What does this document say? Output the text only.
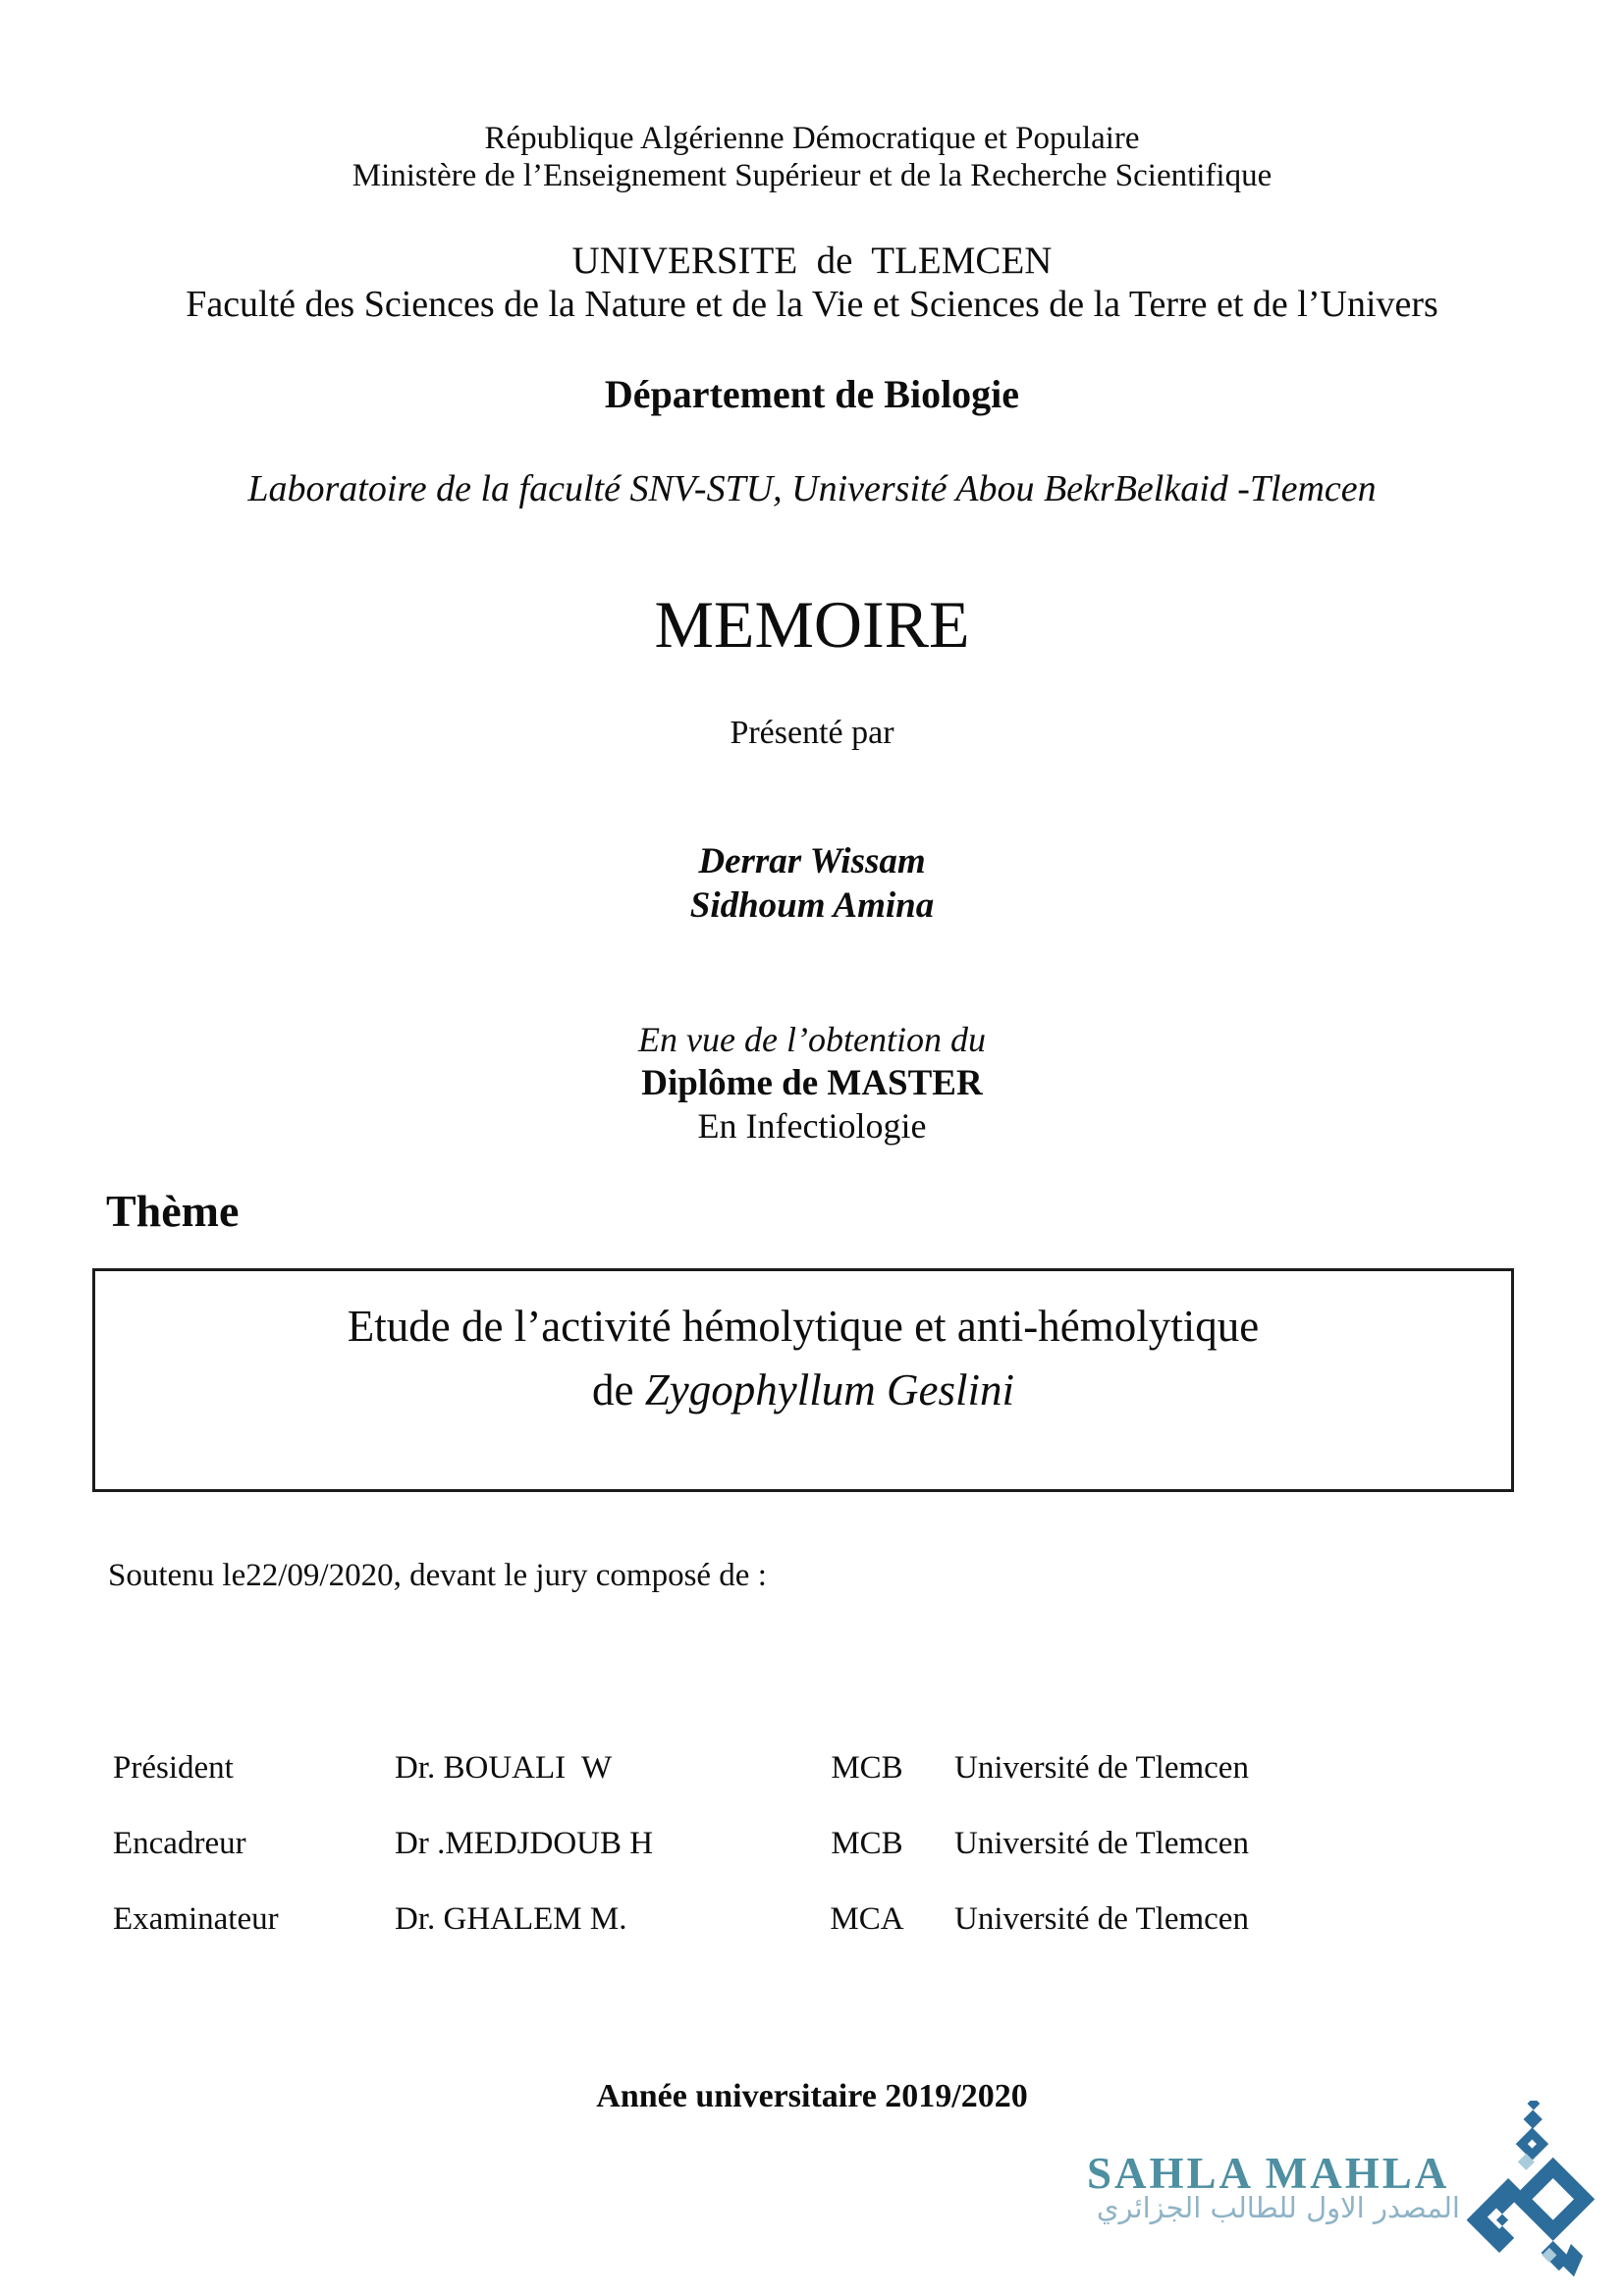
République Algérienne Démocratique et Populaire
Ministère de l’Enseignement Supérieur et de la Recherche Scientifique
UNIVERSITE  de  TLEMCEN
Faculté des Sciences de la Nature et de la Vie et Sciences de la Terre et de l’Univers
Département de Biologie
Laboratoire de la faculté SNV-STU, Université Abou BekrBelkaid -Tlemcen
MEMOIRE
Présenté par
Derrar Wissam
Sidhoum Amina
En vue de l’obtention du
Diplôme de MASTER
En Infectiologie
Thème
Etude de l’activité hémolytique et anti-hémolytique
de Zygophyllum Geslini
Soutenu le22/09/2020, devant le jury composé de :
Président	Dr. BOUALI  W	MCB	Université de Tlemcen
Encadreur	Dr .MEDJDOUB H	MCB	Université de Tlemcen
Examinateur	Dr. GHALEM M.	MCA	Université de Tlemcen
Année universitaire 2019/2020
SAHLA MAHLA
المصدر الاول للطالب الجزائري
